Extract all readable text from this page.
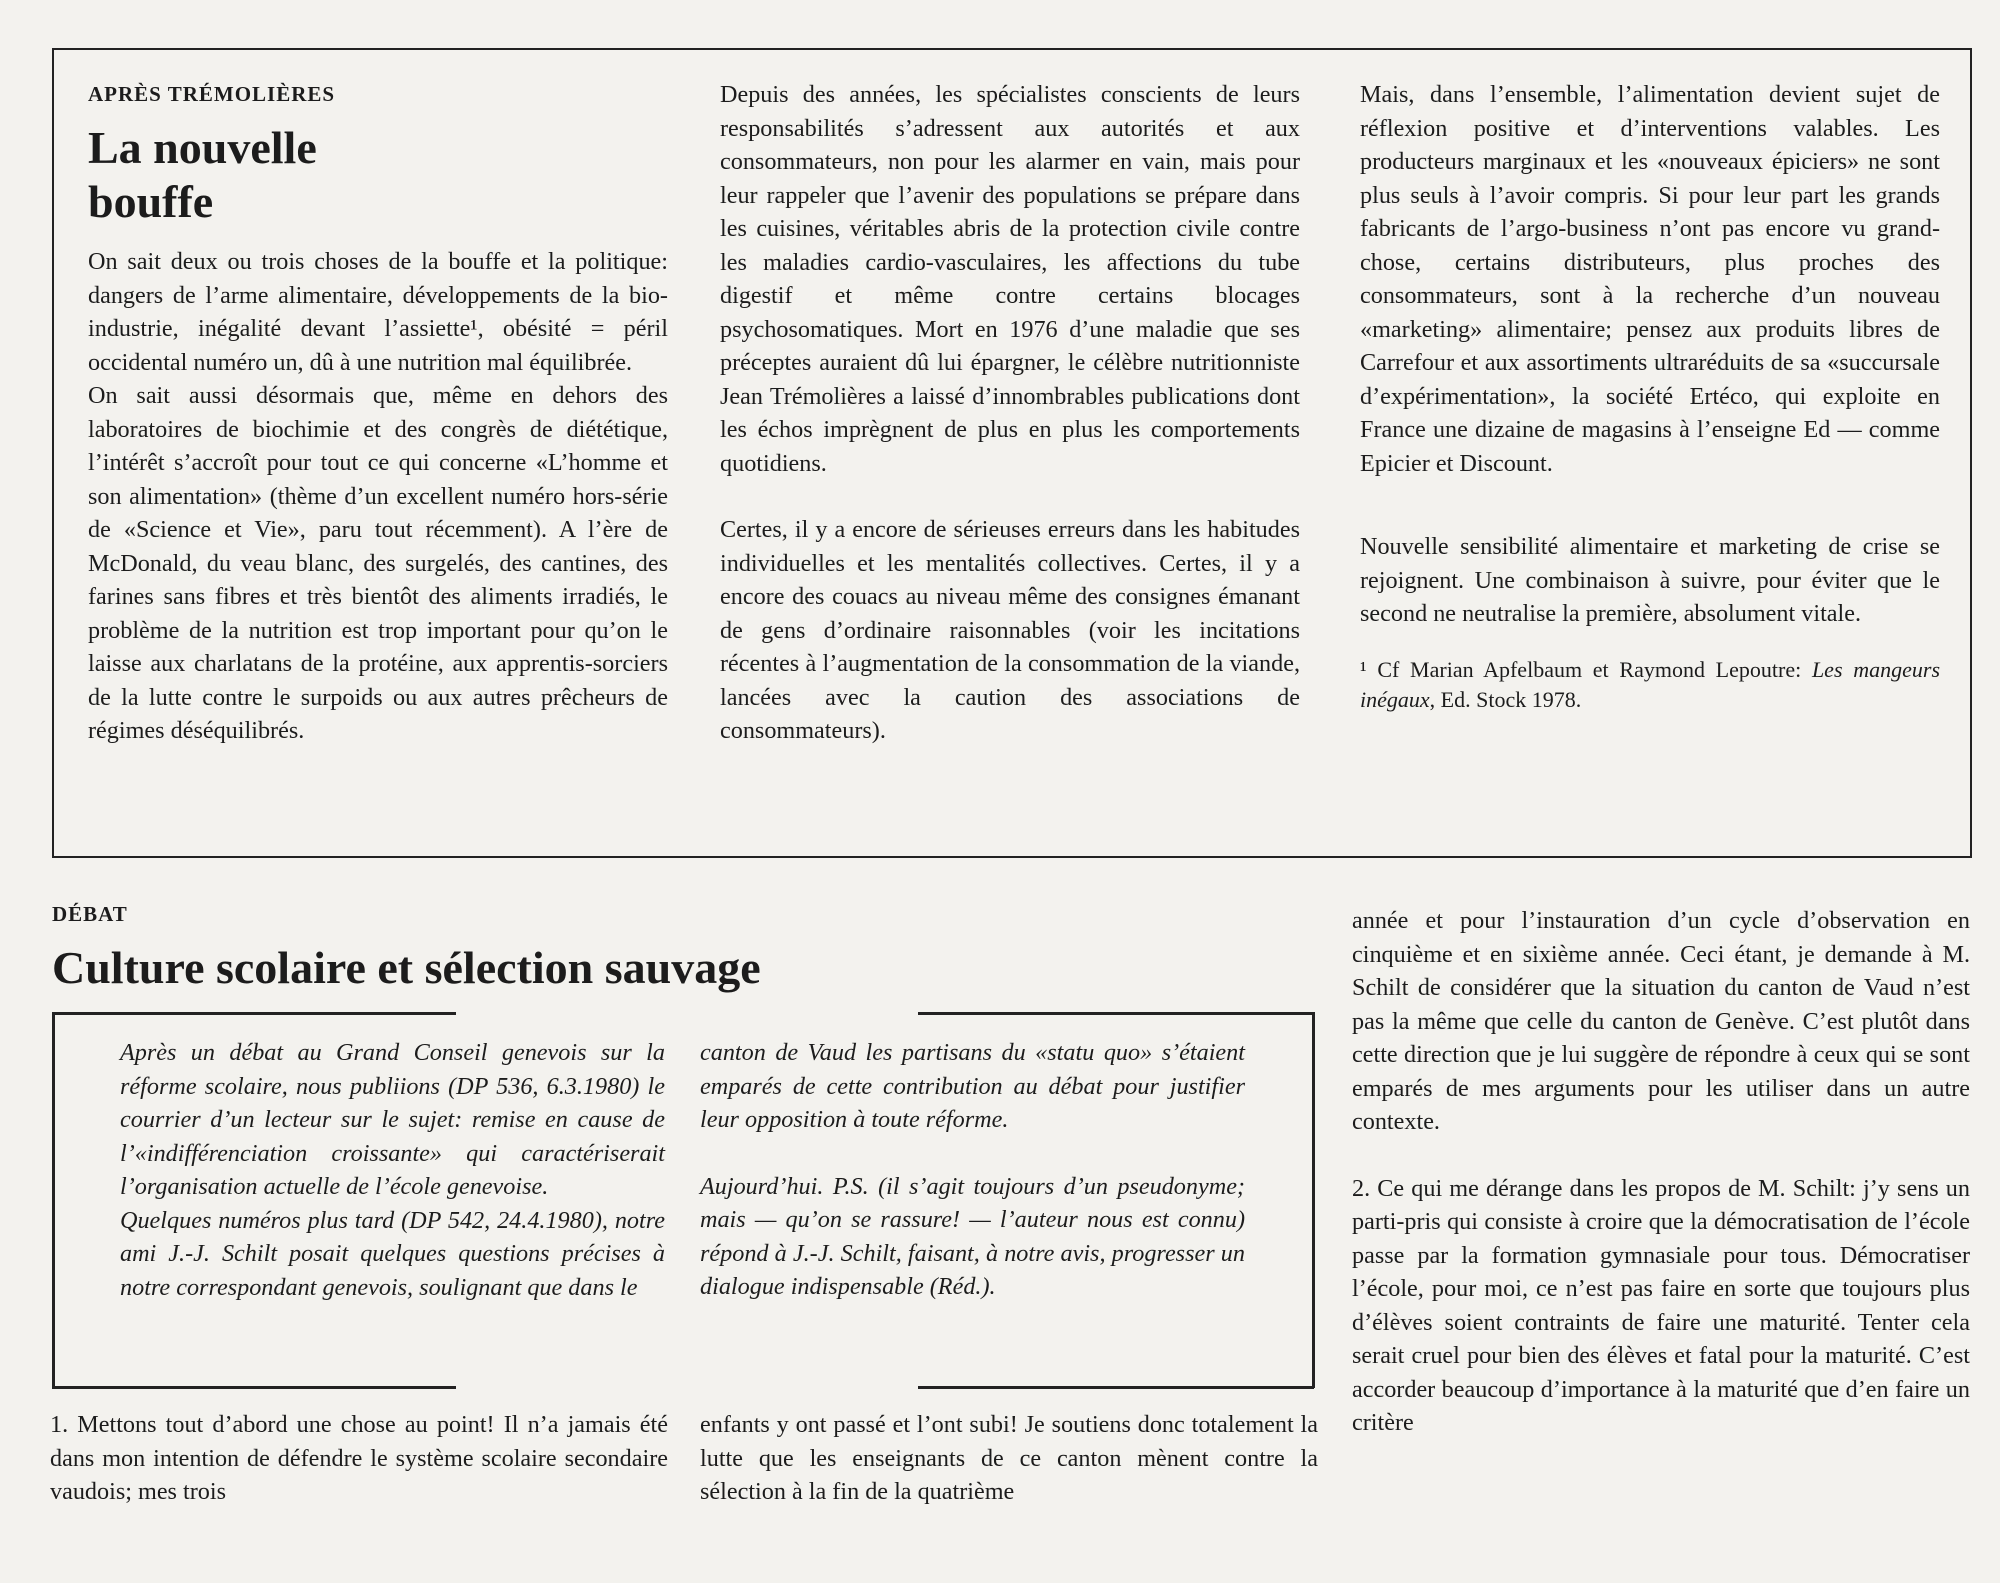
APRÈS TRÉMOLIÈRES

La nouvelle
bouffe

On sait deux ou trois choses de la bouffe et la politique: dangers de l’arme alimentaire, développements de la bio-industrie, inégalité devant l’assiette¹, obésité = péril occidental numéro un, dû à une nutrition mal équilibrée.

On sait aussi désormais que, même en dehors des laboratoires de biochimie et des congrès de diététique, l’intérêt s’accroît pour tout ce qui concerne «L’homme et son alimentation» (thème d’un excellent numéro hors-série de «Science et Vie», paru tout récemment). A l’ère de McDonald, du veau blanc, des surgelés, des cantines, des farines sans fibres et très bientôt des aliments irradiés, le problème de la nutrition est trop important pour qu’on le laisse aux charlatans de la protéine, aux apprentis-sorciers de la lutte contre le surpoids ou aux autres prêcheurs de régimes déséquilibrés.

Depuis des années, les spécialistes conscients de leurs responsabilités s’adressent aux autorités et aux consommateurs, non pour les alarmer en vain, mais pour leur rappeler que l’avenir des populations se prépare dans les cuisines, véritables abris de la protection civile contre les maladies cardio-vasculaires, les affections du tube digestif et même contre certains blocages psychosomatiques. Mort en 1976 d’une maladie que ses préceptes auraient dû lui épargner, le célèbre nutritionniste Jean Trémolières a laissé d’innombrables publications dont les échos imprègnent de plus en plus les comportements quotidiens.

Certes, il y a encore de sérieuses erreurs dans les habitudes individuelles et les mentalités collectives. Certes, il y a encore des couacs au niveau même des consignes émanant de gens d’ordinaire raisonnables (voir les incitations récentes à l’augmentation de la consommation de la viande, lancées avec la caution des associations de consommateurs).

Mais, dans l’ensemble, l’alimentation devient sujet de réflexion positive et d’interventions valables. Les producteurs marginaux et les «nouveaux épiciers» ne sont plus seuls à l’avoir compris. Si pour leur part les grands fabricants de l’argo-business n’ont pas encore vu grand-chose, certains distributeurs, plus proches des consommateurs, sont à la recherche d’un nouveau «marketing» alimentaire; pensez aux produits libres de Carrefour et aux assortiments ultraréduits de sa «succursale d’expérimentation», la société Ertéco, qui exploite en France une dizaine de magasins à l’enseigne Ed — comme Epicier et Discount.

Nouvelle sensibilité alimentaire et marketing de crise se rejoignent. Une combinaison à suivre, pour éviter que le second ne neutralise la première, absolument vitale.

¹ Cf Marian Apfelbaum et Raymond Lepoutre: Les mangeurs inégaux, Ed. Stock 1978.

DÉBAT

Culture scolaire et sélection sauvage

Après un débat au Grand Conseil genevois sur la réforme scolaire, nous publiions (DP 536, 6.3.1980) le courrier d’un lecteur sur le sujet: remise en cause de l’«indifférenciation croissante» qui caractériserait l’organisation actuelle de l’école genevoise.

Quelques numéros plus tard (DP 542, 24.4.1980), notre ami J.-J. Schilt posait quelques questions précises à notre correspondant genevois, soulignant que dans le

canton de Vaud les partisans du «statu quo» s’étaient emparés de cette contribution au débat pour justifier leur opposition à toute réforme.

Aujourd’hui. P.S. (il s’agit toujours d’un pseudonyme; mais — qu’on se rassure! — l’auteur nous est connu) répond à J.-J. Schilt, faisant, à notre avis, progresser un dialogue indispensable (Réd.).

1. Mettons tout d’abord une chose au point! Il n’a jamais été dans mon intention de défendre le système scolaire secondaire vaudois; mes trois

enfants y ont passé et l’ont subi! Je soutiens donc totalement la lutte que les enseignants de ce canton mènent contre la sélection à la fin de la quatrième

année et pour l’instauration d’un cycle d’observation en cinquième et en sixième année. Ceci étant, je demande à M. Schilt de considérer que la situation du canton de Vaud n’est pas la même que celle du canton de Genève. C’est plutôt dans cette direction que je lui suggère de répondre à ceux qui se sont emparés de mes arguments pour les utiliser dans un autre contexte.

2. Ce qui me dérange dans les propos de M. Schilt: j’y sens un parti-pris qui consiste à croire que la démocratisation de l’école passe par la formation gymnasiale pour tous. Démocratiser l’école, pour moi, ce n’est pas faire en sorte que toujours plus d’élèves soient contraints de faire une maturité. Tenter cela serait cruel pour bien des élèves et fatal pour la maturité. C’est accorder beaucoup d’importance à la maturité que d’en faire un critère
